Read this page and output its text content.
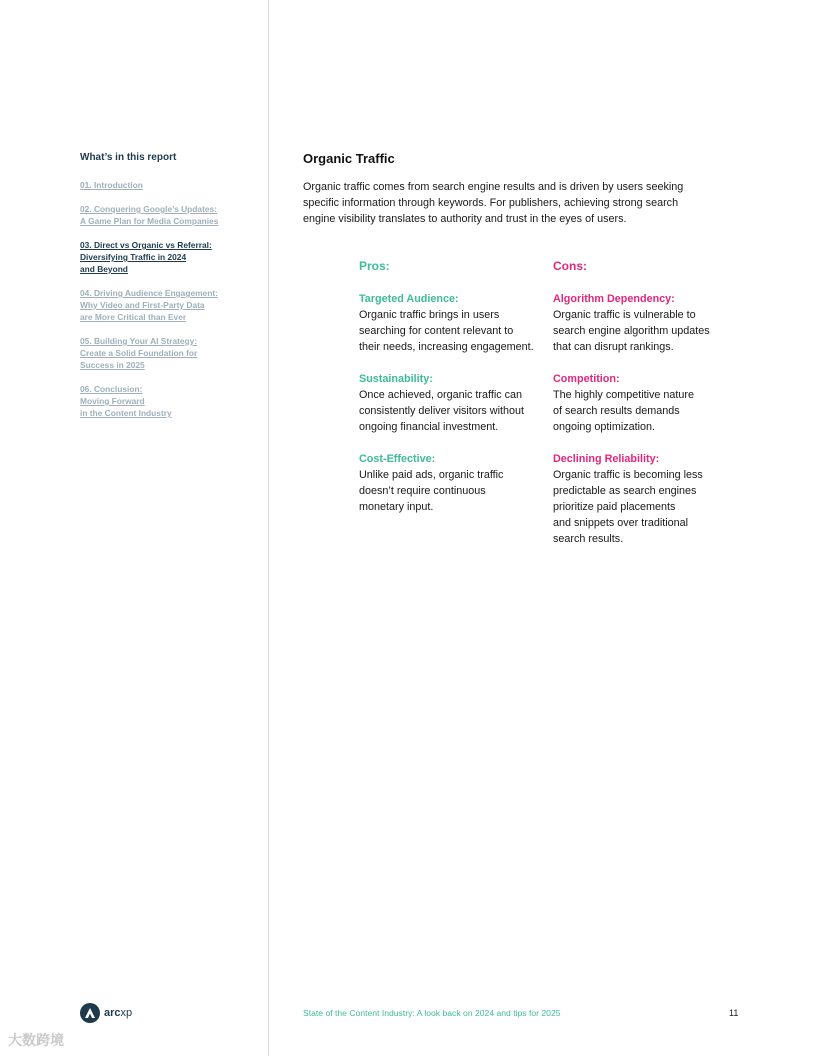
What’s in this report
01. Introduction
02. Conquering Google’s Updates:
A Game Plan for Media Companies
03. Direct vs Organic vs Referral:
Diversifying Traffic in 2024
and Beyond
04. Driving Audience Engagement:
Why Video and First-Party Data
are More Critical than Ever
05. Building Your AI Strategy:
Create a Solid Foundation for
Success in 2025
06. Conclusion:
Moving Forward
in the Content Industry
Organic Traffic

Organic traffic comes from search engine results and is driven by users seeking
specific information through keywords. For publishers, achieving strong search
engine visibility translates to authority and trust in the eyes of users.

Pros:
Targeted Audience:
Organic traffic brings in users
searching for content relevant to
their needs, increasing engagement.
Sustainability:
Once achieved, organic traffic can
consistently deliver visitors without
ongoing financial investment.
Cost-Effective:
Unlike paid ads, organic traffic
doesn’t require continuous
monetary input.
Cons:
Algorithm Dependency:
Organic traffic is vulnerable to
search engine algorithm updates
that can disrupt rankings.
Competition:
The highly competitive nature
of search results demands
ongoing optimization.
Declining Reliability:
Organic traffic is becoming less
predictable as search engines
prioritize paid placements
and snippets over traditional
search results.
arcxp	State of the Content Industry: A look back on 2024 and tips for 2025	11
大数跨境
